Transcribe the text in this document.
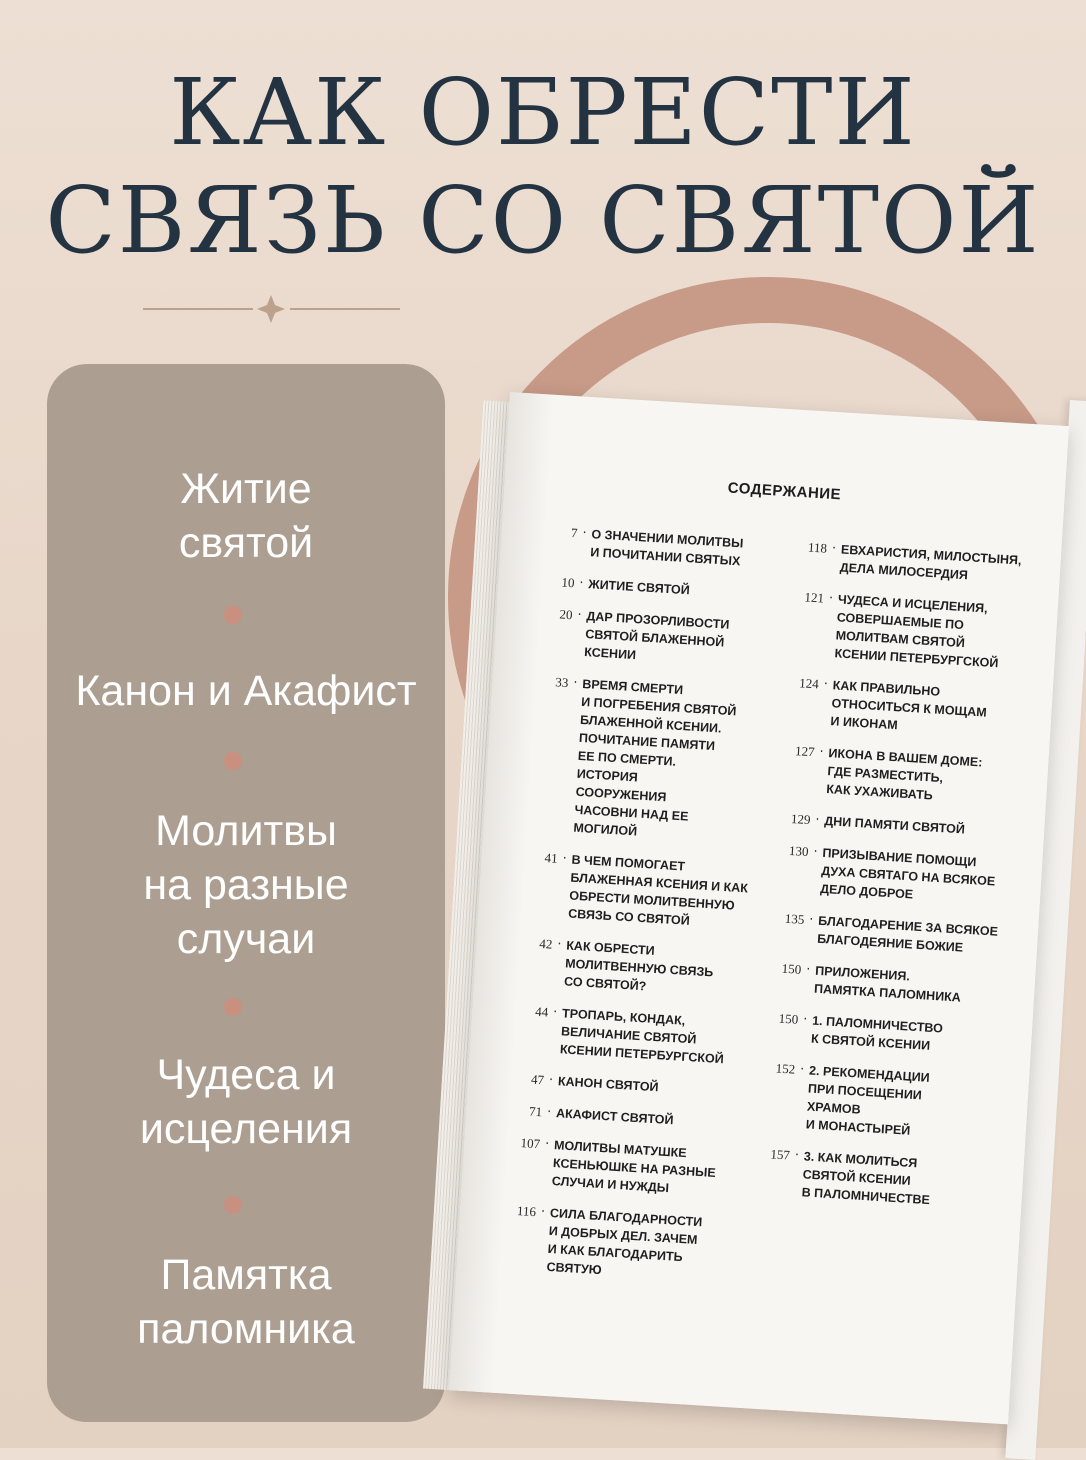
КАК ОБРЕСТИ
СВЯЗЬ СО СВЯТОЙ
Житие
святой
Канон и Акафист
Молитвы
на разные
случаи
Чудеса и
исцеления
Памятка
паломника
СОДЕРЖАНИЕ
7 · О ЗНАЧЕНИИ МОЛИТВЫ
И ПОЧИТАНИИ СВЯТЫХ
10 · ЖИТИЕ СВЯТОЙ
20 · ДАР ПРОЗОРЛИВОСТИ
СВЯТОЙ БЛАЖЕННОЙ
КСЕНИИ
33 · ВРЕМЯ СМЕРТИ
И ПОГРЕБЕНИЯ СВЯТОЙ
БЛАЖЕННОЙ КСЕНИИ.
ПОЧИТАНИЕ ПАМЯТИ
ЕЕ ПО СМЕРТИ.
ИСТОРИЯ
СООРУЖЕНИЯ
ЧАСОВНИ НАД ЕЕ
МОГИЛОЙ
41 · В ЧЕМ ПОМОГАЕТ
БЛАЖЕННАЯ КСЕНИЯ И КАК
ОБРЕСТИ МОЛИТВЕННУЮ
СВЯЗЬ СО СВЯТОЙ
42 · КАК ОБРЕСТИ
МОЛИТВЕННУЮ СВЯЗЬ
СО СВЯТОЙ?
44 · ТРОПАРЬ, КОНДАК,
ВЕЛИЧАНИЕ СВЯТОЙ
КСЕНИИ ПЕТЕРБУРГСКОЙ
47 · КАНОН СВЯТОЙ
71 · АКАФИСТ СВЯТОЙ
107 · МОЛИТВЫ МАТУШКЕ
КСЕНЬЮШКЕ НА РАЗНЫЕ
СЛУЧАИ И НУЖДЫ
116 · СИЛА БЛАГОДАРНОСТИ
И ДОБРЫХ ДЕЛ. ЗАЧЕМ
И КАК БЛАГОДАРИТЬ
СВЯТУЮ
118 · ЕВХАРИСТИЯ, МИЛОСТЫНЯ,
ДЕЛА МИЛОСЕРДИЯ
121 · ЧУДЕСА И ИСЦЕЛЕНИЯ,
СОВЕРШАЕМЫЕ ПО
МОЛИТВАМ СВЯТОЙ
КСЕНИИ ПЕТЕРБУРГСКОЙ
124 · КАК ПРАВИЛЬНО
ОТНОСИТЬСЯ К МОЩАМ
И ИКОНАМ
127 · ИКОНА В ВАШЕМ ДОМЕ:
ГДЕ РАЗМЕСТИТЬ,
КАК УХАЖИВАТЬ
129 · ДНИ ПАМЯТИ СВЯТОЙ
130 · ПРИЗЫВАНИЕ ПОМОЩИ
ДУХА СВЯТАГО НА ВСЯКОЕ
ДЕЛО ДОБРОЕ
135 · БЛАГОДАРЕНИЕ ЗА ВСЯКОЕ
БЛАГОДЕЯНИЕ БОЖИЕ
150 · ПРИЛОЖЕНИЯ.
ПАМЯТКА ПАЛОМНИКА
150 · 1. ПАЛОМНИЧЕСТВО
К СВЯТОЙ КСЕНИИ
152 · 2. РЕКОМЕНДАЦИИ
ПРИ ПОСЕЩЕНИИ
ХРАМОВ
И МОНАСТЫРЕЙ
157 · 3. КАК МОЛИТЬСЯ
СВЯТОЙ КСЕНИИ
В ПАЛОМНИЧЕСТВЕ
